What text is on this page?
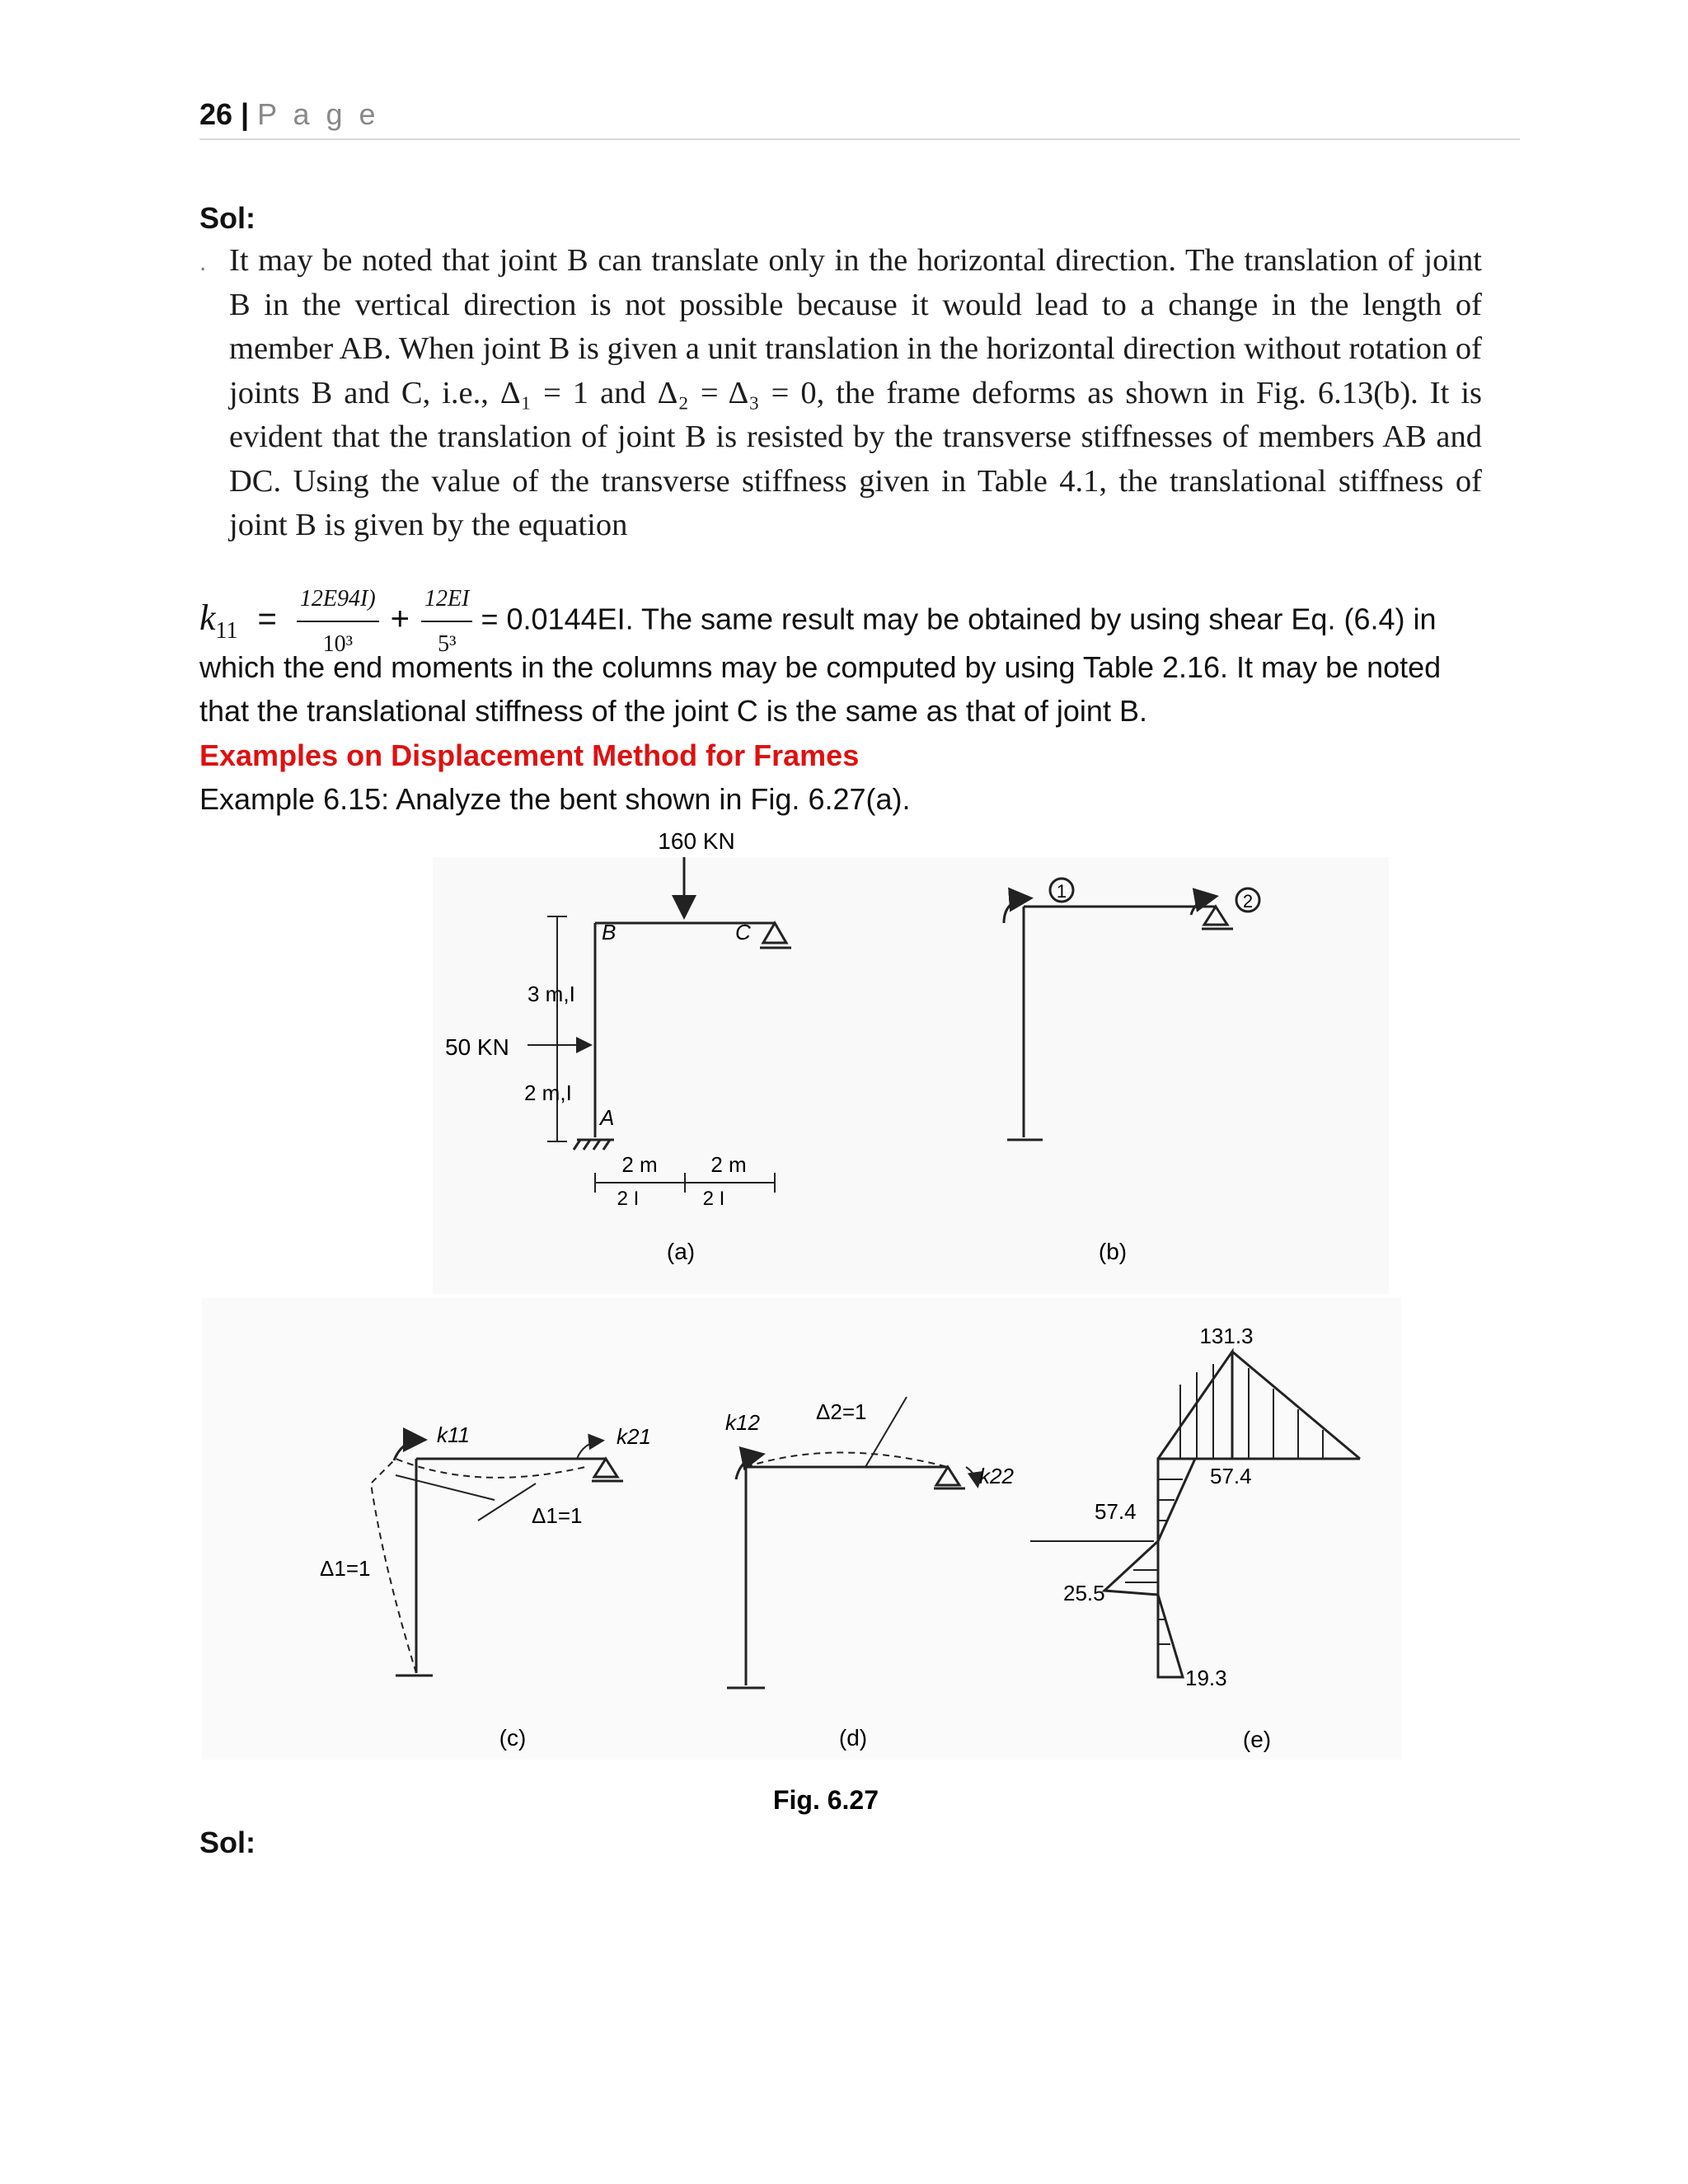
26 | P a g e
Sol:
. It may be noted that joint B can translate only in the horizontal direction. The translation of joint B in the vertical direction is not possible because it would lead to a change in the length of member AB. When joint B is given a unit translation in the horizontal direction without rotation of joints B and C, i.e., Δ₁ = 1 and Δ₂ = Δ₃ = 0, the frame deforms as shown in Fig. 6.13(b). It is evident that the translation of joint B is resisted by the transverse stiffnesses of members AB and DC. Using the value of the transverse stiffness given in Table 4.1, the translational stiffness of joint B is given by the equation
$k_{11} = \frac{12E94I)}{\text{10³}} + \frac{12EI}{\text{5³}} = 0.0144EI$. The same result may be obtained by using shear Eq. (6.4) in
which the end moments in the columns may be computed by using Table 2.16. It may be noted that the translational stiffness of the joint C is the same as that of joint B.
Examples on Displacement Method for Frames
Example 6.15: Analyze the bent shown in Fig. 6.27(a).
160 KN
B	C
A
3 m,I
50 KN
2 m,I
2 m 2 m
2 I	2 I
(a)
1	2
(b)
k11	k21
Δ1=1
Δ1=1
(c)
k12	Δ2=1
k22
(d)
131.3
57.4
57.4
25.5
19.3
(e)
Fig. 6.27
Sol:
